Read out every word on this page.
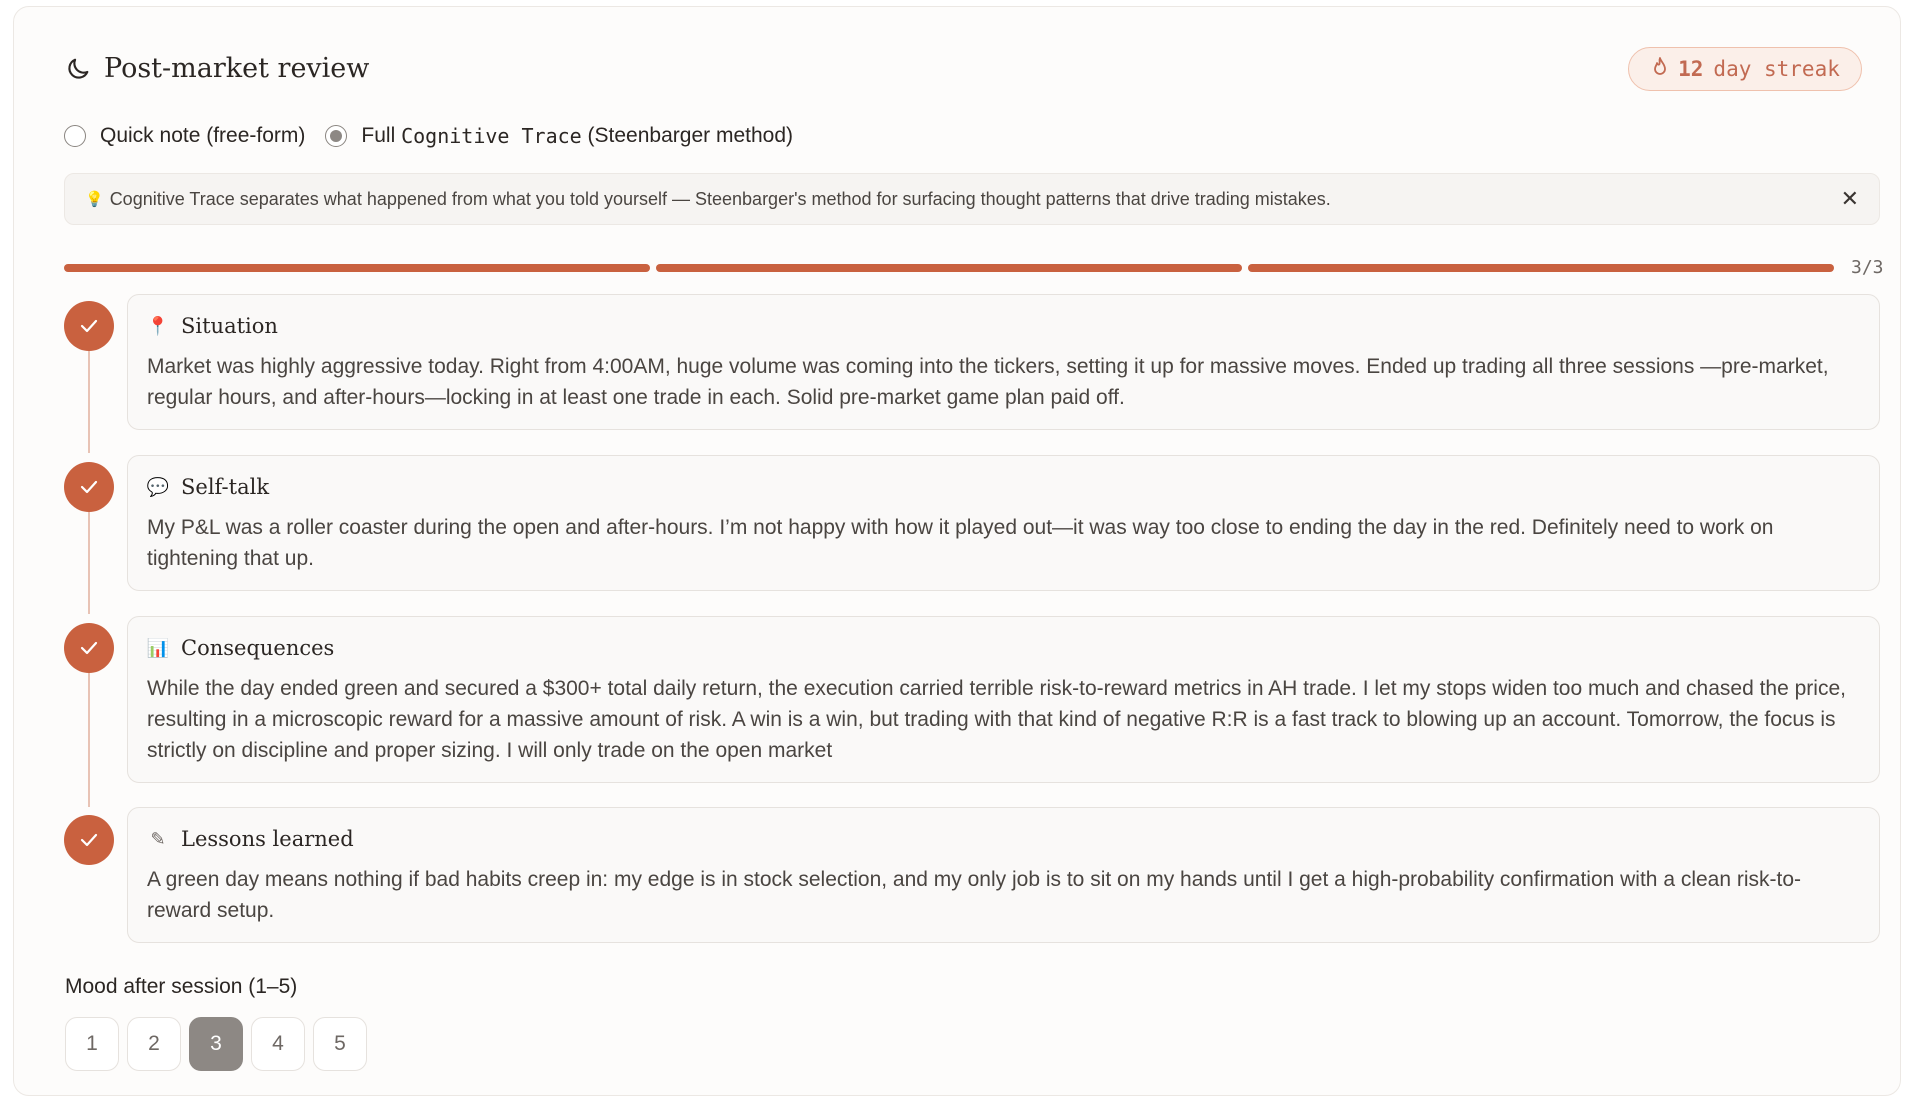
Post-market review	12 day streak
Quick note (free-form)	Full
Cognitive Trace
(Steenbarger method)
💡 Cognitive Trace separates what happened from what you told yourself — Steenbarger's method for surfacing thought patterns that drive trading mistakes.	✕
3/3
📍 Situation
Market was highly aggressive today. Right from 4:00AM, huge volume was coming into the tickers, setting it up for massive moves. Ended up trading all three sessions —pre-market, regular hours, and after-hours—locking in at least one trade in each. Solid pre-market game plan paid off.
💬 Self-talk
My P&L was a roller coaster during the open and after-hours. I’m not happy with how it played out—it was way too close to ending the day in the red. Definitely need to work on tightening that up.
📊 Consequences
While the day ended green and secured a $300+ total daily return, the execution carried terrible risk-to-reward metrics in AH trade. I let my stops widen too much and chased the price, resulting in a microscopic reward for a massive amount of risk. A win is a win, but trading with that kind of negative R:R is a fast track to blowing up an account. Tomorrow, the focus is strictly on discipline and proper sizing. I will only trade on the open market
✎ Lessons learned
A green day means nothing if bad habits creep in: my edge is in stock selection, and my only job is to sit on my hands until I get a high-probability confirmation with a clean risk-to-reward setup.
Mood after session (1–5)
1	2	3	4	5
